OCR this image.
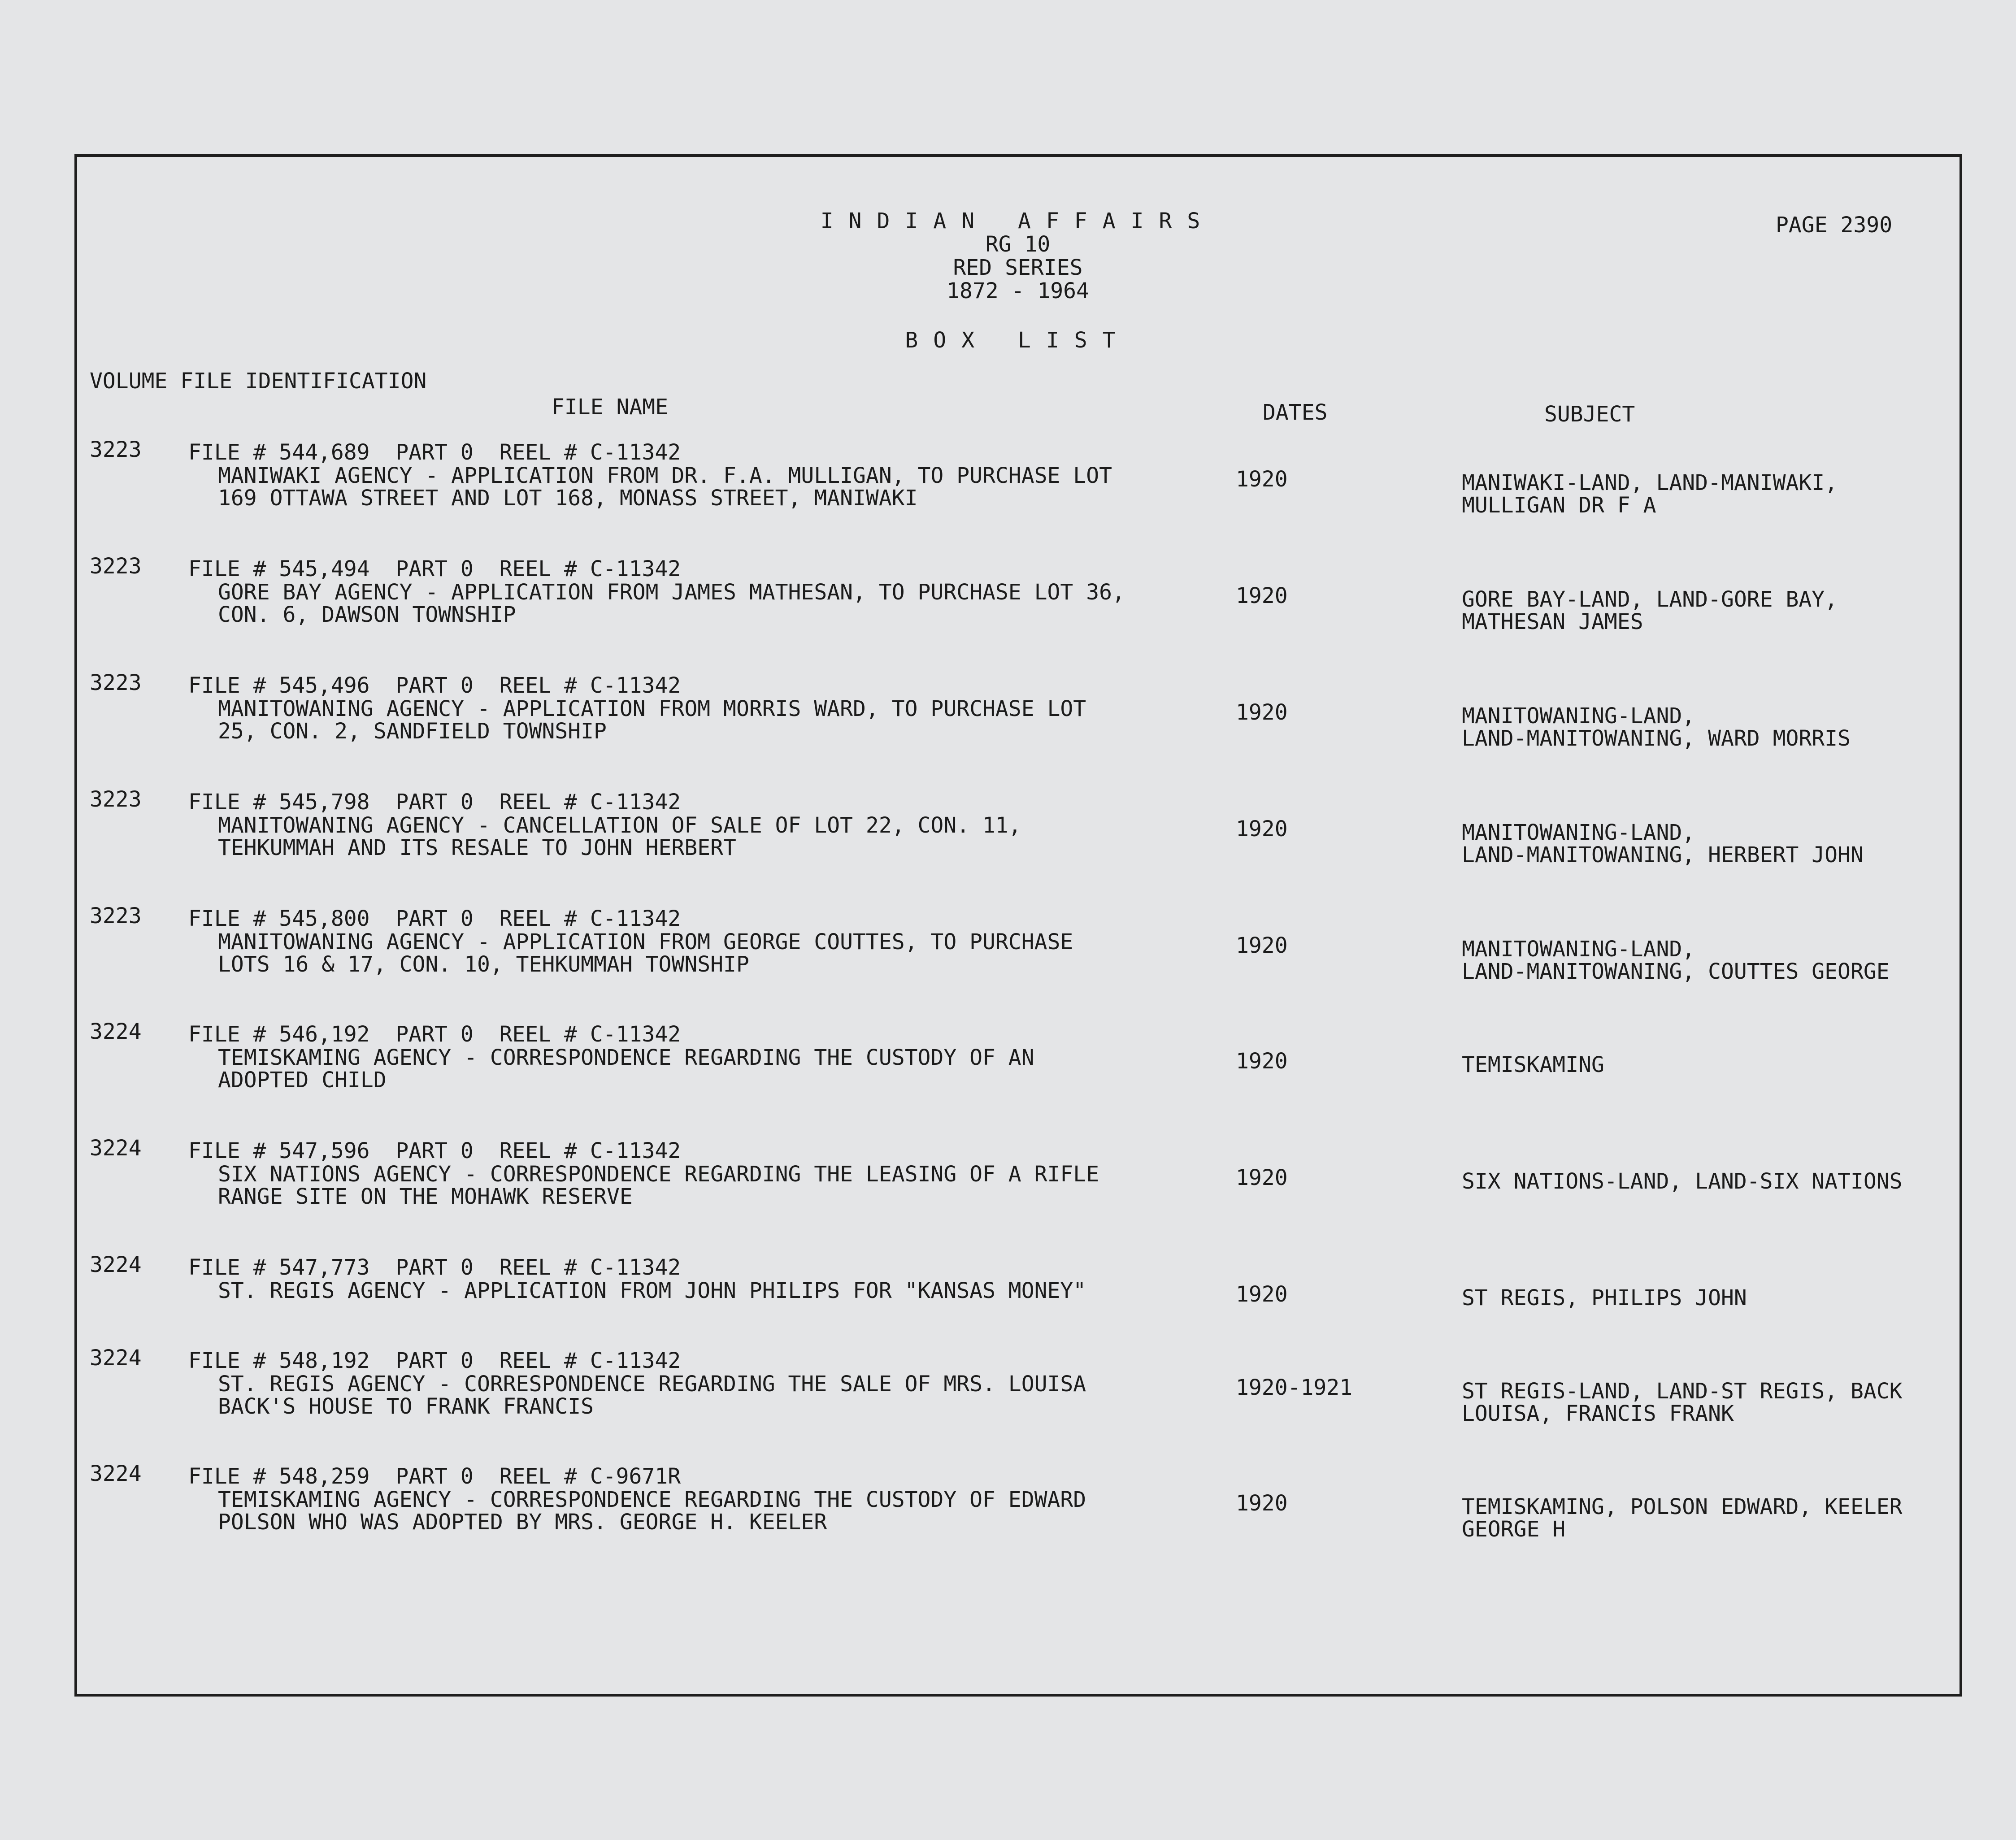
INDIAN AFFAIRS
RG 10
RED SERIES
1872 - 1964
BOX LIST
PAGE 2390
VOLUME FILE IDENTIFICATION
FILE NAME	DATES	SUBJECT
3223 FILE # 544,689  PART 0  REEL # C-11342
MANIWAKI AGENCY - APPLICATION FROM DR. F.A. MULLIGAN, TO PURCHASE LOT
169 OTTAWA STREET AND LOT 168, MONASS STREET, MANIWAKI
1920	MANIWAKI-LAND, LAND-MANIWAKI,
MULLIGAN DR F A
3223 FILE # 545,494  PART 0  REEL # C-11342
GORE BAY AGENCY - APPLICATION FROM JAMES MATHESAN, TO PURCHASE LOT 36,
CON. 6, DAWSON TOWNSHIP
1920	GORE BAY-LAND, LAND-GORE BAY,
MATHESAN JAMES
3223 FILE # 545,496  PART 0  REEL # C-11342
MANITOWANING AGENCY - APPLICATION FROM MORRIS WARD, TO PURCHASE LOT
25, CON. 2, SANDFIELD TOWNSHIP
1920	MANITOWANING-LAND,
LAND-MANITOWANING, WARD MORRIS
3223 FILE # 545,798  PART 0  REEL # C-11342
MANITOWANING AGENCY - CANCELLATION OF SALE OF LOT 22, CON. 11,
TEHKUMMAH AND ITS RESALE TO JOHN HERBERT
1920	MANITOWANING-LAND,
LAND-MANITOWANING, HERBERT JOHN
3223 FILE # 545,800  PART 0  REEL # C-11342
MANITOWANING AGENCY - APPLICATION FROM GEORGE COUTTES, TO PURCHASE
LOTS 16 & 17, CON. 10, TEHKUMMAH TOWNSHIP
1920	MANITOWANING-LAND,
LAND-MANITOWANING, COUTTES GEORGE
3224 FILE # 546,192  PART 0  REEL # C-11342
TEMISKAMING AGENCY - CORRESPONDENCE REGARDING THE CUSTODY OF AN
ADOPTED CHILD
1920	TEMISKAMING
3224 FILE # 547,596  PART 0  REEL # C-11342
SIX NATIONS AGENCY - CORRESPONDENCE REGARDING THE LEASING OF A RIFLE
RANGE SITE ON THE MOHAWK RESERVE
1920	SIX NATIONS-LAND, LAND-SIX NATIONS
3224 FILE # 547,773  PART 0  REEL # C-11342
ST. REGIS AGENCY - APPLICATION FROM JOHN PHILIPS FOR "KANSAS MONEY"	1920	ST REGIS, PHILIPS JOHN
3224 FILE # 548,192  PART 0  REEL # C-11342
ST. REGIS AGENCY - CORRESPONDENCE REGARDING THE SALE OF MRS. LOUISA
BACK'S HOUSE TO FRANK FRANCIS
1920-1921	ST REGIS-LAND, LAND-ST REGIS, BACK
LOUISA, FRANCIS FRANK
3224 FILE # 548,259  PART 0  REEL # C-9671R
TEMISKAMING AGENCY - CORRESPONDENCE REGARDING THE CUSTODY OF EDWARD
POLSON WHO WAS ADOPTED BY MRS. GEORGE H. KEELER
1920	TEMISKAMING, POLSON EDWARD, KEELER
GEORGE H
